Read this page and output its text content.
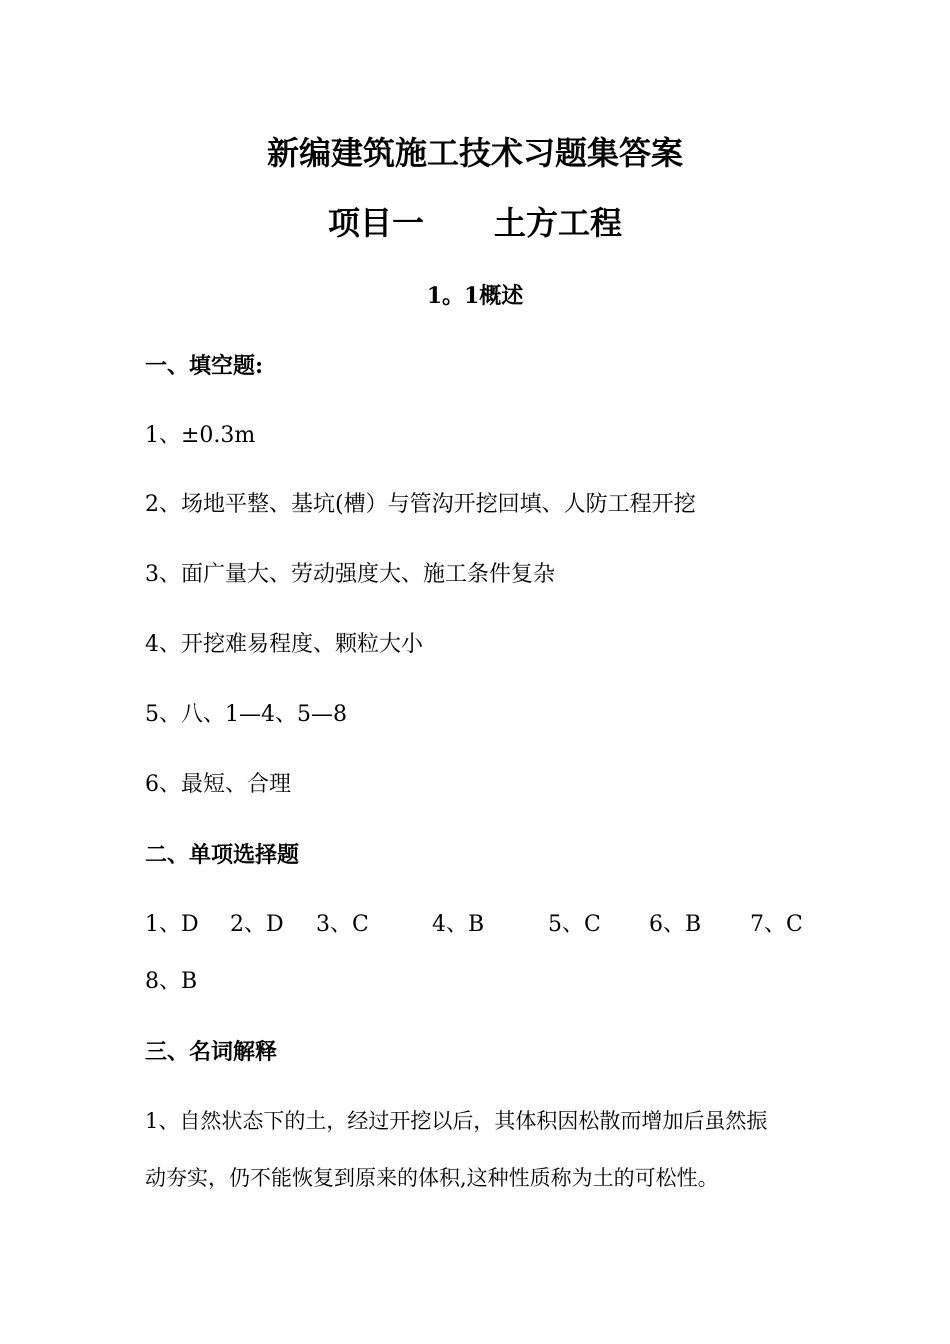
新编建筑施工技术习题集答案
项目一 土方工程
1。1概述
一、填空题:
1、±0.3m
2、场地平整、基坑(槽）与管沟开挖回填、人防工程开挖
3、面广量大、劳动强度大、施工条件复杂
4、开挖难易程度、颗粒大小
5、八、1—4、5—8
6、最短、合理
二、单项选择题
1、D 2、D 3、C	4、B	5、C 6、B 7、C
8、B
三、名词解释
1、自然状态下的土，经过开挖以后，其体积因松散而增加后虽然振
动夯实，仍不能恢复到原来的体积,这种性质称为土的可松性。
